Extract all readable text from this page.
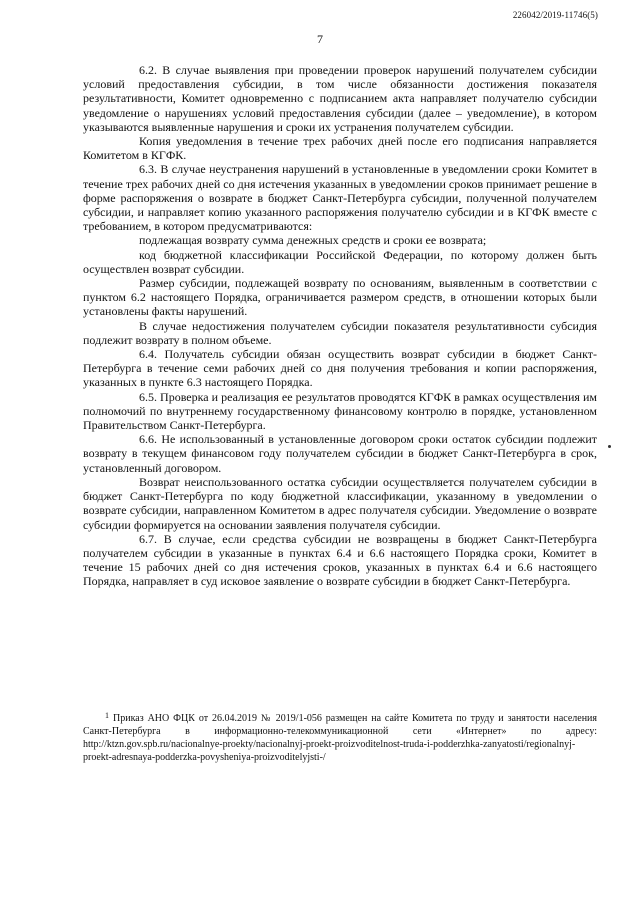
226042/2019-11746(5)
7

6.2. В случае выявления при проведении проверок нарушений получателем субсидии условий предоставления субсидии, в том числе обязанности достижения показателя результативности, Комитет одновременно с подписанием акта направляет получателю субсидии уведомление о нарушениях условий предоставления субсидии (далее – уведомление), в котором указываются выявленные нарушения и сроки их устранения получателем субсидии.

Копия уведомления в течение трех рабочих дней после его подписания направляется Комитетом в КГФК.

6.3. В случае неустранения нарушений в установленные в уведомлении сроки Комитет в течение трех рабочих дней со дня истечения указанных в уведомлении сроков принимает решение в форме распоряжения о возврате в бюджет Санкт-Петербурга субсидии, полученной получателем субсидии, и направляет копию указанного распоряжения получателю субсидии и в КГФК вместе с требованием, в котором предусматриваются:

подлежащая возврату сумма денежных средств и сроки ее возврата;

код бюджетной классификации Российской Федерации, по которому должен быть осуществлен возврат субсидии.

Размер субсидии, подлежащей возврату по основаниям, выявленным в соответствии с пунктом 6.2 настоящего Порядка, ограничивается размером средств, в отношении которых были установлены факты нарушений.

В случае недостижения получателем субсидии показателя результативности субсидия подлежит возврату в полном объеме.

6.4. Получатель субсидии обязан осуществить возврат субсидии в бюджет Санкт-Петербурга в течение семи рабочих дней со дня получения требования и копии распоряжения, указанных в пункте 6.3 настоящего Порядка.

6.5. Проверка и реализация ее результатов проводятся КГФК в рамках осуществления им полномочий по внутреннему государственному финансовому контролю в порядке, установленном Правительством Санкт-Петербурга.

6.6. Не использованный в установленные договором сроки остаток субсидии подлежит возврату в текущем финансовом году получателем субсидии в бюджет Санкт-Петербурга в срок, установленный договором.

Возврат неиспользованного остатка субсидии осуществляется получателем субсидии в бюджет Санкт-Петербурга по коду бюджетной классификации, указанному в уведомлении о возврате субсидии, направленном Комитетом в адрес получателя субсидии. Уведомление о возврате субсидии формируется на основании заявления получателя субсидии.

6.7. В случае, если средства субсидии не возвращены в бюджет Санкт-Петербурга получателем субсидии в указанные в пунктах 6.4 и 6.6 настоящего Порядка сроки, Комитет в течение 15 рабочих дней со дня истечения сроков, указанных в пунктах 6.4 и 6.6 настоящего Порядка, направляет в суд исковое заявление о возврате субсидии в бюджет Санкт-Петербурга.

$^1$ Приказ АНО ФЦК от 26.04.2019 № 2019/1-056 размещен на сайте Комитета по труду и занятости населения Санкт-Петербурга в информационно-телекоммуникационной сети «Интернет» по адресу: http://ktzn.gov.spb.ru/nacionalnye-proekty/nacionalnyj-proekt-proizvoditelnost-truda-i-podderzhka-zanyatosti/regionalnyj- proekt-adresnaya-podderzka-povysheniya-proizvoditelyjsti-/
